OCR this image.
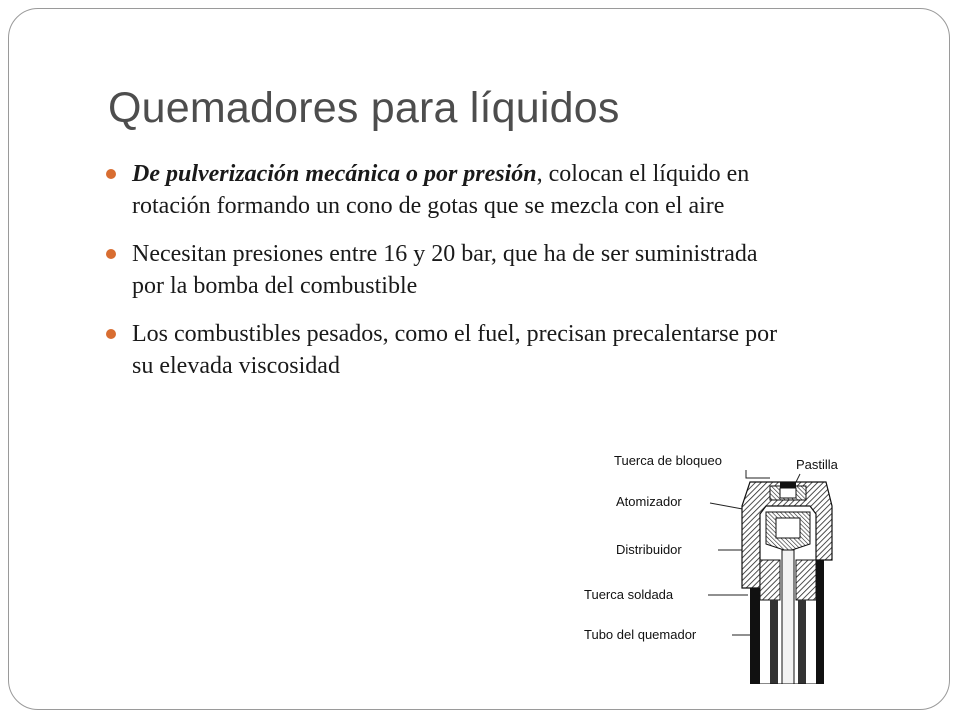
Quemadores para líquidos
De pulverización mecánica o por presión, colocan el líquido en rotación formando un cono de gotas que se mezcla con el aire
Necesitan presiones entre 16 y 20 bar, que ha de ser suministrada por la bomba del combustible
Los combustibles pesados, como el fuel, precisan precalentarse por su elevada viscosidad
Tuerca de bloqueo	Pastilla
Atomizador
Distribuidor
Tuerca soldada
Tubo del quemador
